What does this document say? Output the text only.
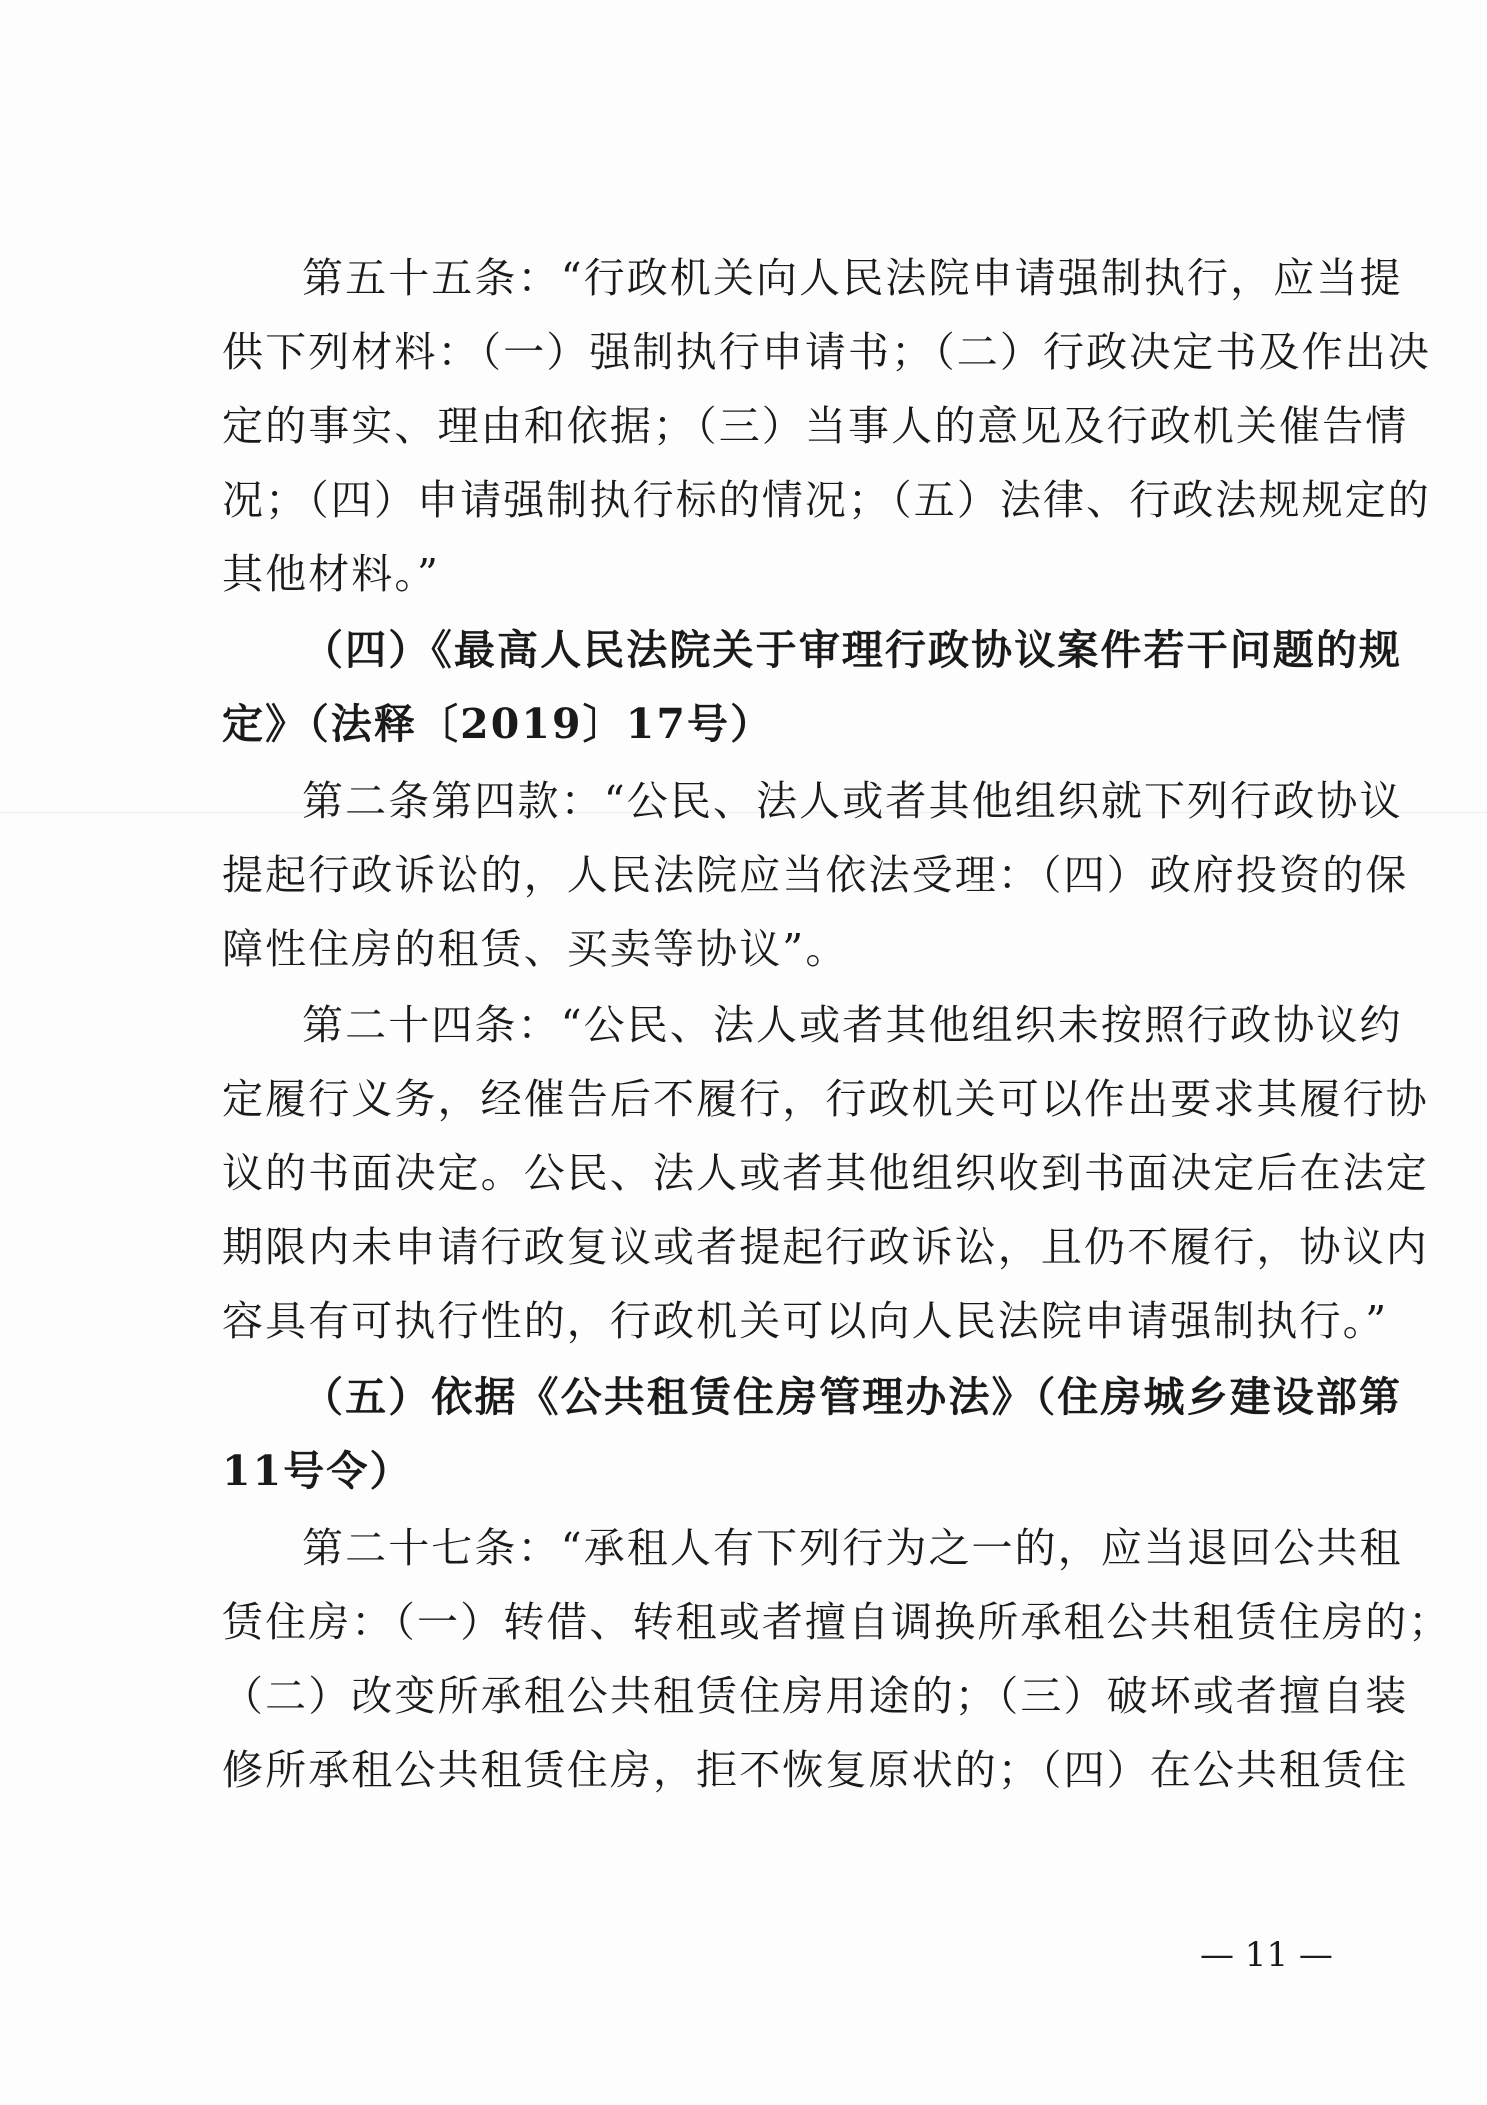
第五十五条：“行政机关向人民法院申请强制执行，应当提
供下列材料：（一）强制执行申请书；（二）行政决定书及作出决
定的事实、理由和依据；（三）当事人的意见及行政机关催告情
况；（四）申请强制执行标的情况；（五）法律、行政法规规定的
其他材料。”
（四）《最高人民法院关于审理行政协议案件若干问题的规
定》（法释〔2019〕17号）
第二条第四款：“公民、法人或者其他组织就下列行政协议
提起行政诉讼的，人民法院应当依法受理：（四）政府投资的保
障性住房的租赁、买卖等协议”。
第二十四条：“公民、法人或者其他组织未按照行政协议约
定履行义务，经催告后不履行，行政机关可以作出要求其履行协
议的书面决定。公民、法人或者其他组织收到书面决定后在法定
期限内未申请行政复议或者提起行政诉讼，且仍不履行，协议内
容具有可执行性的，行政机关可以向人民法院申请强制执行。”
（五）依据《公共租赁住房管理办法》（住房城乡建设部第
11号令）
第二十七条：“承租人有下列行为之一的，应当退回公共租
赁住房：（一）转借、转租或者擅自调换所承租公共租赁住房的；
（二）改变所承租公共租赁住房用途的；（三）破坏或者擅自装
修所承租公共租赁住房，拒不恢复原状的；（四）在公共租赁住
— 11 —
